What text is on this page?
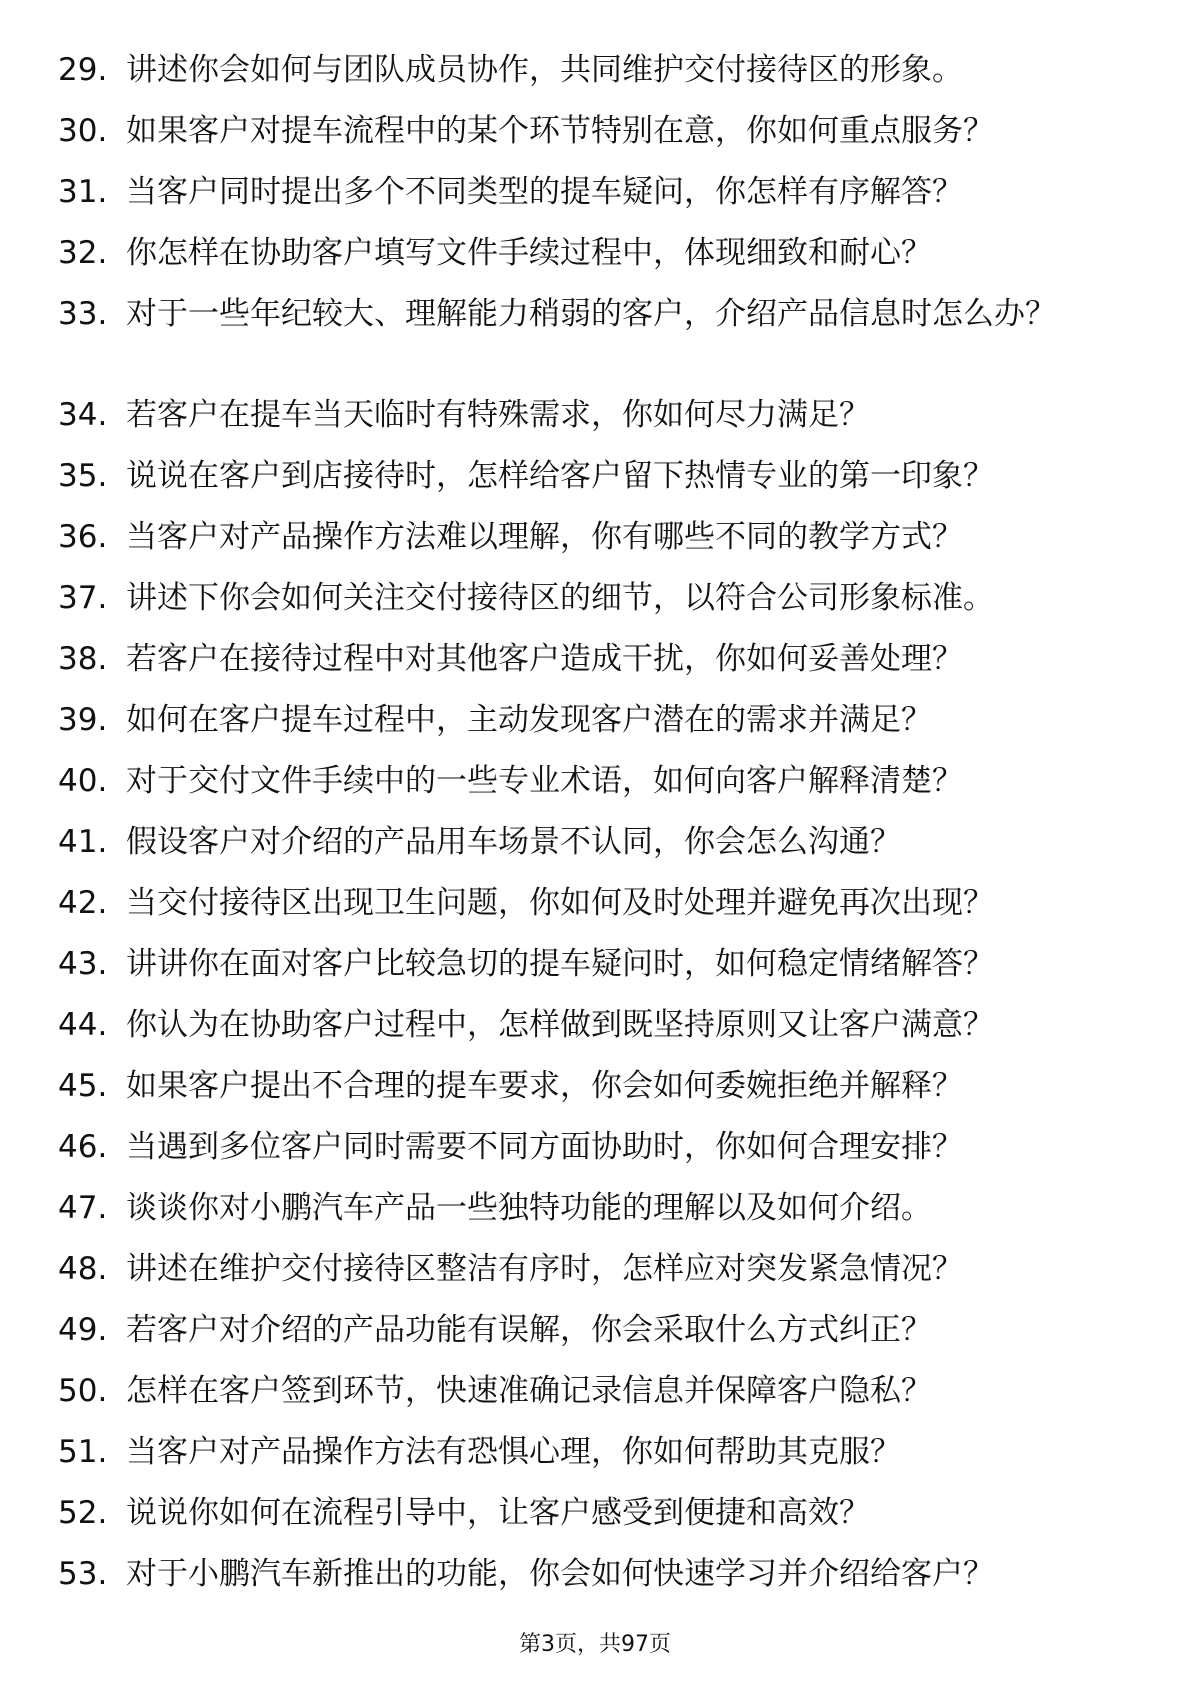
29. 讲述你会如何与团队成员协作，共同维护交付接待区的形象。
30. 如果客户对提车流程中的某个环节特别在意，你如何重点服务？
31. 当客户同时提出多个不同类型的提车疑问，你怎样有序解答？
32. 你怎样在协助客户填写文件手续过程中，体现细致和耐心？
33. 对于一些年纪较大、理解能力稍弱的客户，介绍产品信息时怎么办？
34. 若客户在提车当天临时有特殊需求，你如何尽力满足？
35. 说说在客户到店接待时，怎样给客户留下热情专业的第一印象？
36. 当客户对产品操作方法难以理解，你有哪些不同的教学方式？
37. 讲述下你会如何关注交付接待区的细节，以符合公司形象标准。
38. 若客户在接待过程中对其他客户造成干扰，你如何妥善处理？
39. 如何在客户提车过程中，主动发现客户潜在的需求并满足？
40. 对于交付文件手续中的一些专业术语，如何向客户解释清楚？
41. 假设客户对介绍的产品用车场景不认同，你会怎么沟通？
42. 当交付接待区出现卫生问题，你如何及时处理并避免再次出现？
43. 讲讲你在面对客户比较急切的提车疑问时，如何稳定情绪解答？
44. 你认为在协助客户过程中，怎样做到既坚持原则又让客户满意？
45. 如果客户提出不合理的提车要求，你会如何委婉拒绝并解释？
46. 当遇到多位客户同时需要不同方面协助时，你如何合理安排？
47. 谈谈你对小鹏汽车产品一些独特功能的理解以及如何介绍。
48. 讲述在维护交付接待区整洁有序时，怎样应对突发紧急情况？
49. 若客户对介绍的产品功能有误解，你会采取什么方式纠正？
50. 怎样在客户签到环节，快速准确记录信息并保障客户隐私？
51. 当客户对产品操作方法有恐惧心理，你如何帮助其克服？
52. 说说你如何在流程引导中，让客户感受到便捷和高效？
53. 对于小鹏汽车新推出的功能，你会如何快速学习并介绍给客户？
第3页，共97页
